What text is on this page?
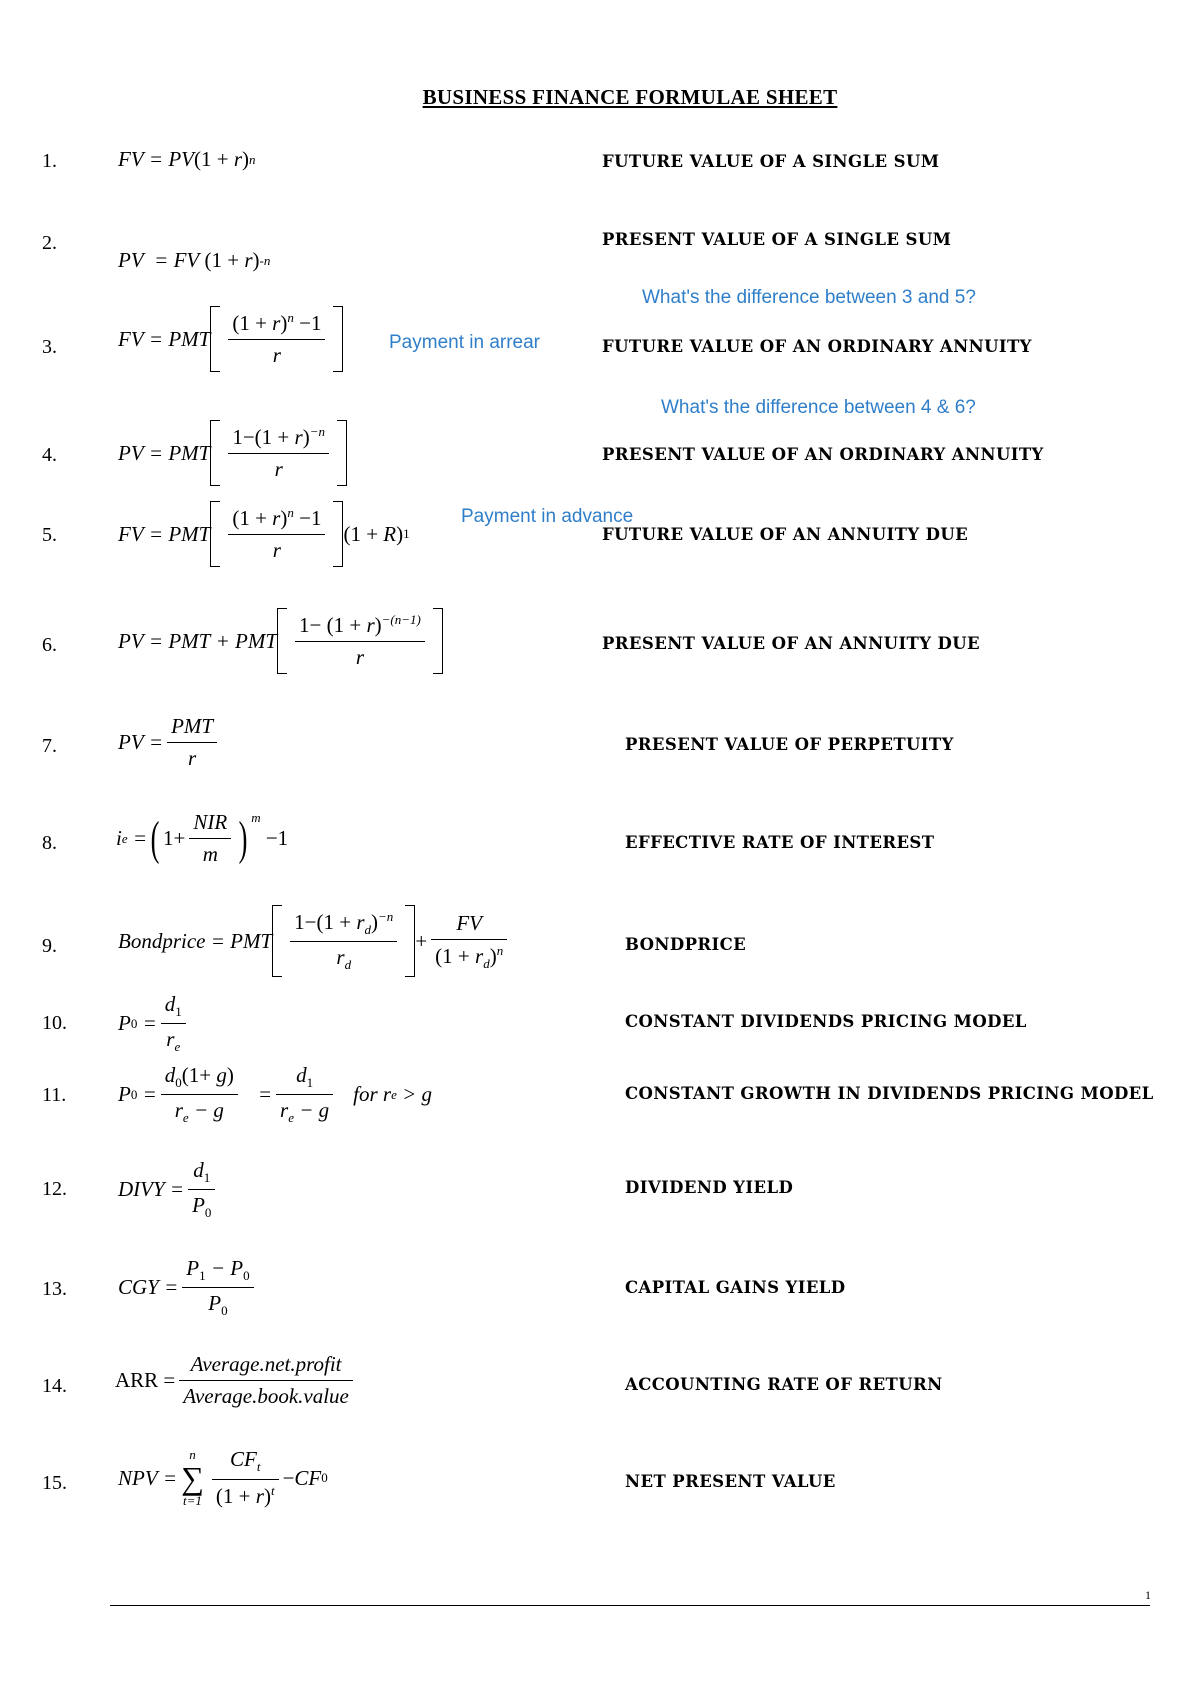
BUSINESS FINANCE FORMULAE SHEET
1.
2.
3.
4.
5.
6.
7.
8.
9.
10.
11.
12.
13.
14.
15.
FUTURE VALUE OF A SINGLE SUM
PRESENT VALUE OF A SINGLE SUM
FUTURE VALUE OF AN ORDINARY ANNUITY
PRESENT VALUE OF AN ORDINARY ANNUITY
FUTURE VALUE OF AN ANNUITY DUE
PRESENT VALUE OF AN ANNUITY DUE
PRESENT VALUE OF PERPETUITY
EFFECTIVE RATE OF INTEREST
BONDPRICE
CONSTANT DIVIDENDS PRICING MODEL
CONSTANT GROWTH IN DIVIDENDS PRICING MODEL
DIVIDEND YIELD
CAPITAL GAINS YIELD
ACCOUNTING RATE OF RETURN
NET PRESENT VALUE
What's the difference between 3 and 5?
Payment in arrear
What's the difference between 4 & 6?
Payment in advance
FV = PV (1 + r ) n
PV  = FV (1 + r ) -n
FV = PMT $\frac{(1 + r)^n -1}{r}$
PV = PMT $\frac{1-(1 + r)^{-n}}{r}$
FV = PMT $\frac{(1 + r)^n -1}{r} (1 + R$ ) 1
PV = PMT + PMT $\frac{1- (1 + r)^{-(n-1)}}{r}$
PV = $\frac{\text{PMT}}{r}$
i e = ( $1+ \frac{\text{NIR}}{m}$ ) $^m$
−1
Bondprice = PMT $\frac{1-(1 + r_d)^{-n}}{r_d} + \frac{FV}{(1 + r_d)^n}$
P $0 = \frac{d_1}{r_e}$
P $0 = \frac{d_0(1+ g)}{r_e - g} = \frac{d_1}{r_e - g}$ for r e > g
DIVY = $\frac{d_1}{P_0}$
CGY = $\frac{P_1 - P_0}{P_0}$
ARR = $\frac{\text{Average.net.profit}}{\text{Average.book.value}}$
NPV =
n
∑
$t=1 \frac{CF_t}{(1 + r)^t}$ − CF 0
1
